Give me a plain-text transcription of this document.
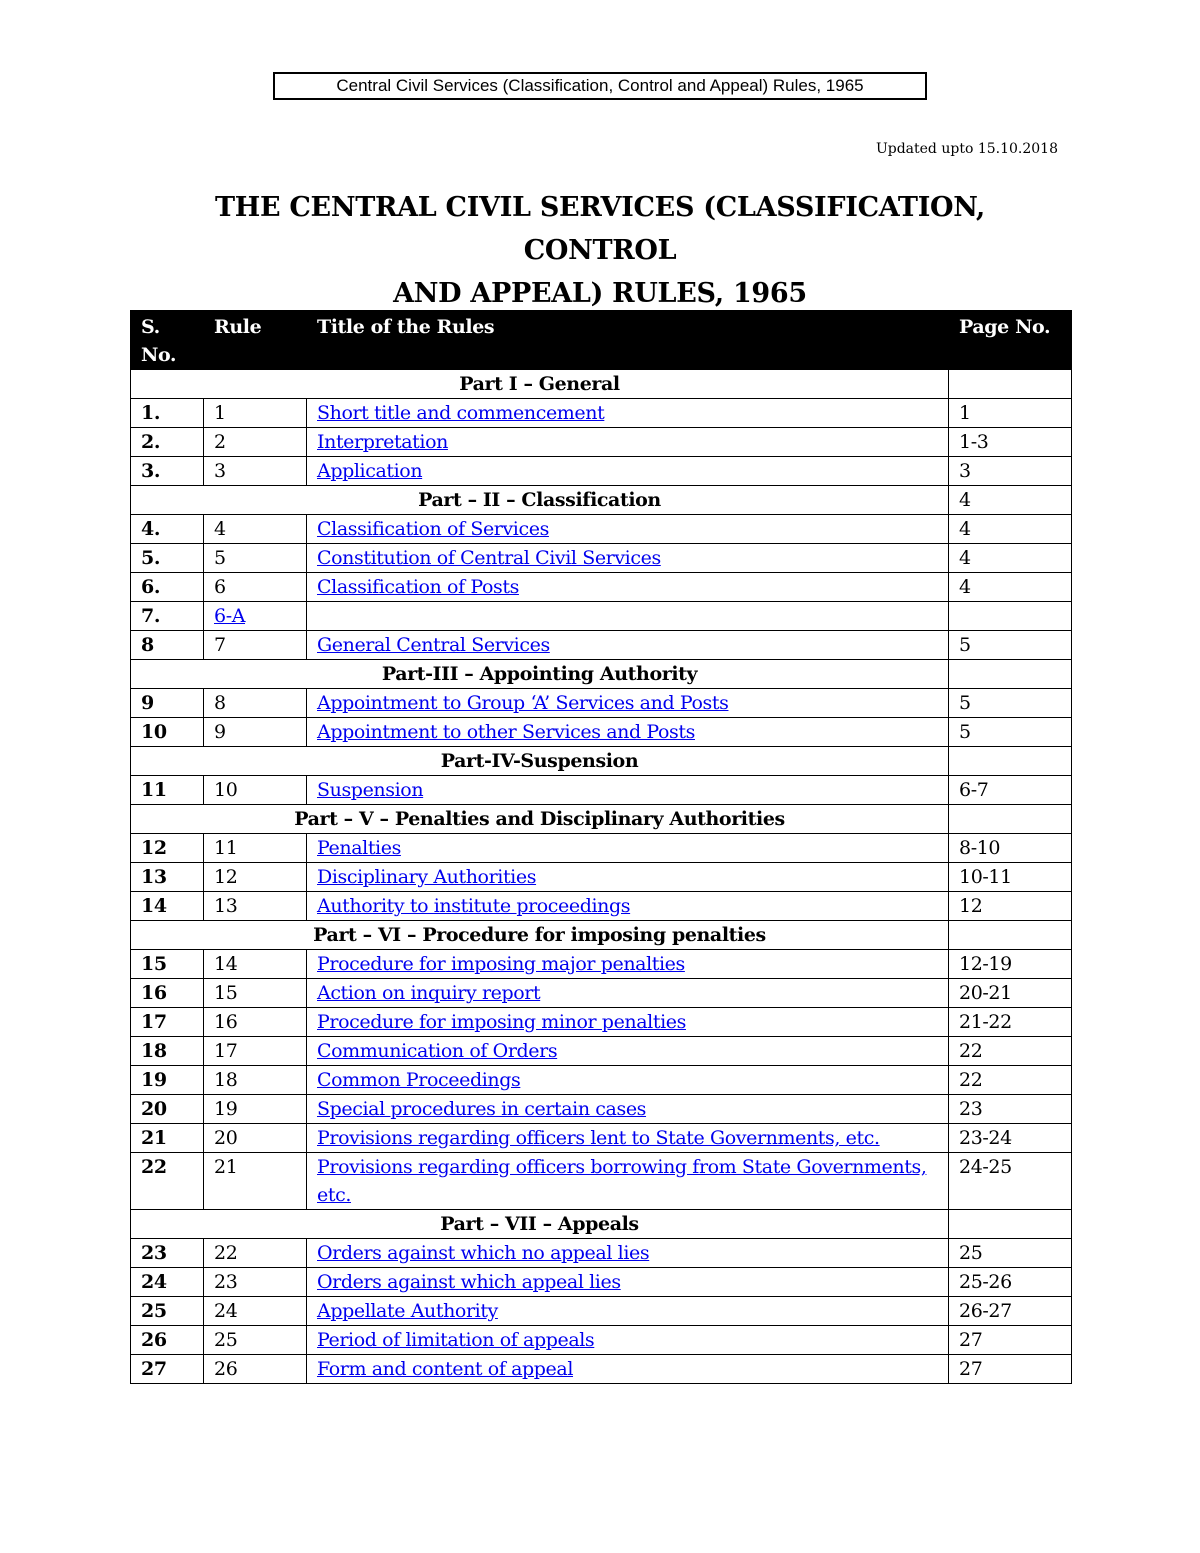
Central Civil Services (Classification, Control and Appeal) Rules, 1965
Updated upto 15.10.2018
THE CENTRAL CIVIL SERVICES (CLASSIFICATION, CONTROL
AND APPEAL) RULES, 1965
S. No.	Rule	Title of the Rules	Page No.
Part I – General			
1.	1	Short title and commencement	1
2.	2	Interpretation	1-3
3.	3	Application	3
Part – II – Classification			4
4.	4	Classification of Services	4
5.	5	Constitution of Central Civil Services	4
6.	6	Classification of Posts	4
7.	6-A		
8	7	General Central Services	5
Part-III – Appointing Authority			
9	8	Appointment to Group ‘A’ Services and Posts	5
10	9	Appointment to other Services and Posts	5
Part-IV-Suspension			
11	10	Suspension	6-7
Part – V – Penalties and Disciplinary Authorities			
12	11	Penalties	8-10
13	12	Disciplinary Authorities	10-11
14	13	Authority to institute proceedings	12
Part – VI – Procedure for imposing penalties			
15	14	Procedure for imposing major penalties	12-19
16	15	Action on inquiry report	20-21
17	16	Procedure for imposing minor penalties	21-22
18	17	Communication of Orders	22
19	18	Common Proceedings	22
20	19	Special procedures in certain cases	23
21	20	Provisions regarding officers lent to State Governments, etc.	23-24
22	21	Provisions regarding officers borrowing from State Governments, etc.	24-25
Part – VII – Appeals			
23	22	Orders against which no appeal lies	25
24	23	Orders against which appeal lies	25-26
25	24	Appellate Authority	26-27
26	25	Period of limitation of appeals	27
27	26	Form and content of appeal	27
